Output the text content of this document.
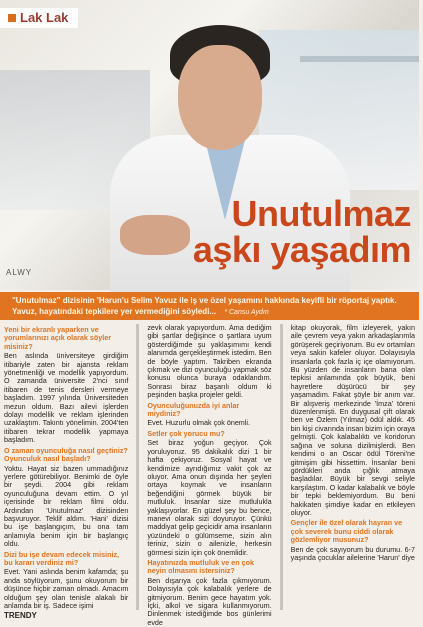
Lak Lak
Unutulmaz
aşkı yaşadım
ALWY
"Unutulmaz" dizisinin 'Harun'u Selim Yavuz ile iş ve özel yaşamını hakkında keyifli bir röportaj yaptık. Yavuz, hayatındaki tepkilere yer vermediğini söyledi... * Cansu Aydın
Yeni bir ekranlı yaparken ve yorumlarınızı açık olarak söyler misiniz?
Ben aslında üniversiteye girdiğim itibariyle zaten bir ajansta reklam yönetmenliği ve modellik yapıyordum. O zamanda üniversite 2'nci sınıf itibaren de tenis dersleri vermeye başladım. 1997 yılında Üniversiteden mezun oldum. Bazı ailevi işlerden dolayı modellik ve reklam işlerinden uzaklaştım. Takıntı yönelimin. 2004'ten itibaren tekrar modellik yapmaya başladım.
O zaman oyunculuğa nasıl geçtiniz? Oyunculuk nasıl başladı?
Yoktu. Hayat siz bazen ummadığınız yerlere götürebiliyor. Benimki de öyle bir şeydi. 2004 gibi reklam oyunculuğuna devam ettim. O yıl içerisinde bir reklam filmi oldu. Ardından 'Unutulmaz' dizisinden başvuruyor. Teklif aldım. 'Hani' dizisi bu işe başlangıçım, bu ona tam anlamıyla benim için bir başlangıç oldu.
Dizi bu işe devam edecek misiniz, bu kararı verdiniz mi?
Evet. Yani aslında benim kafamda; şu anda söylüyorum, şunu okuyorum bir düşünce hiçbir zaman olmadı. Amacım olduğum şey olan tenisle alakalı bir anlamda bir iş. Sadece işimi
zevk olarak yapıyordum. Ama dediğim gibi şartlar değişince o şartlara uyum gösterdiğimde şu yaklaşımımı kendi alanımda gerçekleştirmek istedim. Ben de böyle yaptım. Takriben ekranda çıkmak ve dizi oyunculuğu yapmak söz konusu olunca buraya odaklandım. Sonrası biraz başarılı oldum ki peşinden başka projeler geldi.
Oyunculuğunuzda iyi anlar miydiniz?
Evet. Huzurlu olmak çok önemli.
Setler çok yorucu mu?
Set biraz yoğun geçiyor. Çok yoruluyoruz. 95 dakikalık dizi 1 bir hafta çekiyoruz. Sosyal hayat ve kendimize ayrıdığımız vakit çok az oluyor. Ama onun dışında her şeyleri ortaya koymak ve insanların beğendiğini görmek büyük bir mutluluk. İnsanlar size mutlulukla yaklaşıyorlar. En güzel şey bu bence, manevi olarak sizi doyuruyor. Çünkü maddiyat gelip geçicidir ama insanların yüzündeki o gülümseme, sizin alın teriniz, sizin o ailenizle, herkesin görmesi sizin için çok önemlidir.
Hayatınızda mutluluk ve en çok neyin olmasını istersiniz?
Ben dışarıya çok fazla çıkmıyorum. Dolayısıyla çok kalabalık yerlere de gitmiyorum. Benim gece hayatım yok. İçki, alkol ve sigara kullanmıyorum. Dinlenmek istediğimde bos günlerimi evde
kitap okuyorak, film izleyerek, yakın aile çevrem veya yakın arkadaşlarımla görüşerek geçiriyorum. Bu ev ortamları veya sakin kafeler oluyor. Dolayısıyla insanlarla çok fazla iç içe olamıyorum. Bu yüzden de insanların bana olan tepkisi anlamında çok büyük, beni hayretlere düşürücü bir şey yaşamadım. Fakat şöyle bir anım var. Bir alışveriş merkezinde 'İmza' töreni düzenlenmişti. En duygusal çift olarak ben ve Özlem (Yılmaz) ödül aldık. 45 bin kişi civarında insan bizim için oraya gelmişti. Çok kalabalıktı ve koridorun sağına ve soluna dizilmişlerdi. Ben kendimi o an Oscar ödül Töreni'ne gitmişim gibi hissettim. İnsanlar beni gördükleri anda çığlık atmaya başladılar. Büyük bir sevgi seliyle karşılaştım. O kadar kalabalık ve böyle bir tepki beklemiyordum. Bu beni hakikaten şimdiye kadar en etkileyen oluyor.
Gençler ile özel olarak hayran ve çok severek bunu ciddi olarak gözlemliyor musunuz?
Ben de çok sayıyorum bu durumu. 6-7 yaşında çocuklar ailelerine 'Harun' diye
TRENDY
